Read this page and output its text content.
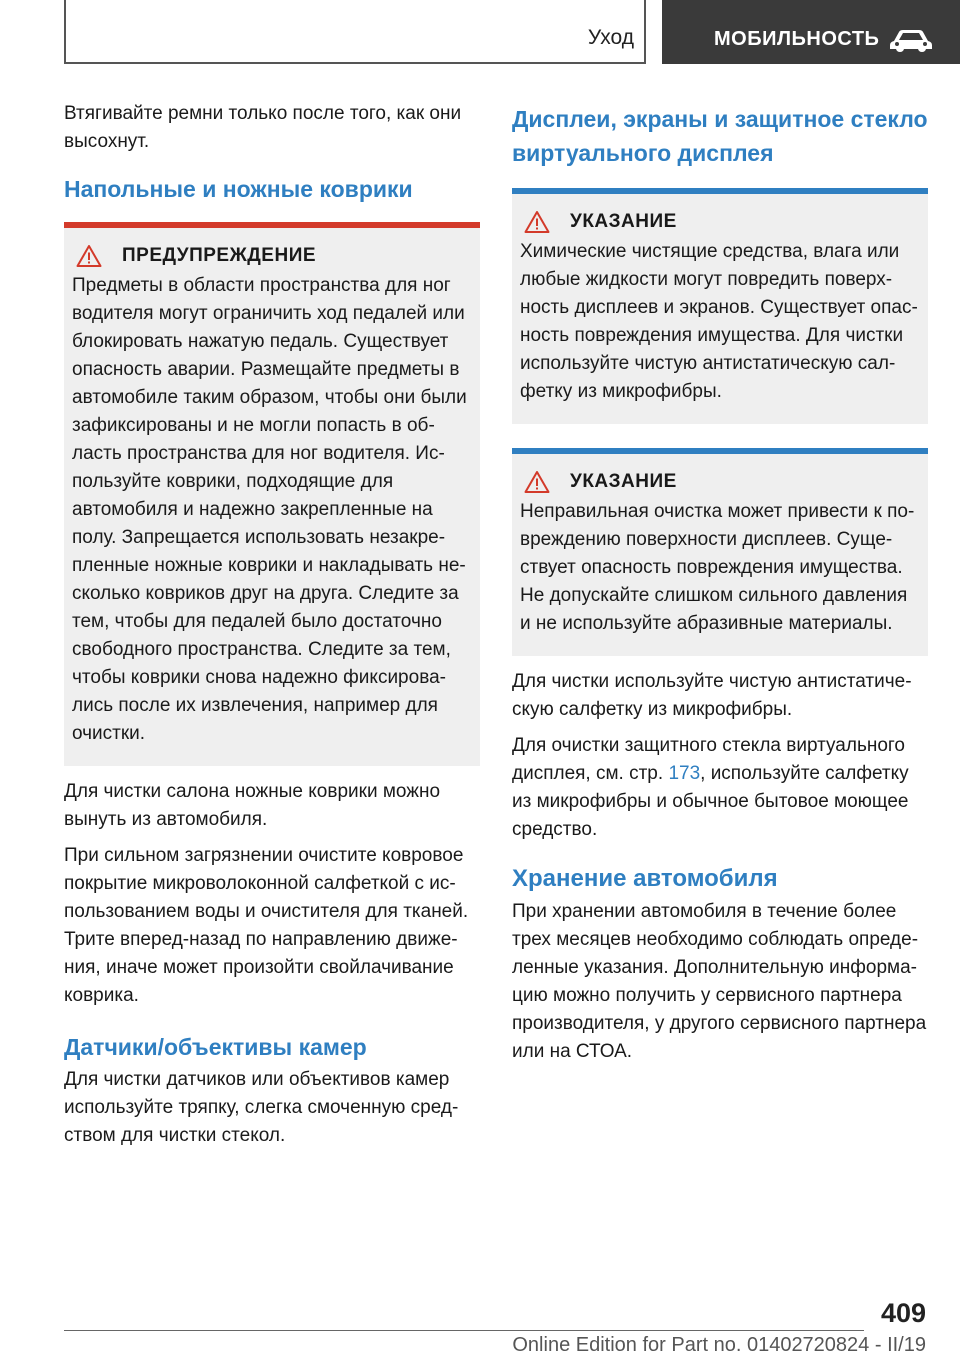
Уход	МОБИЛЬНОСТЬ

Втягивайте ремни только после того, как они высохнут.

Напольные и ножные коврики
ПРЕДУПРЕЖДЕНИЕ

Предметы в области пространства для ног водителя могут ограничить ход педалей или блокировать нажатую педаль. Существует опасность аварии. Размещайте предметы в автомобиле таким образом, чтобы они были зафиксированы и не могли попасть в область пространства для ног водителя. Используйте коврики, подходящие для автомобиля и надежно закрепленные на полу. Запрещается использовать незакрепленные ножные коврики и накладывать несколько ковриков друг на друга. Следите за тем, чтобы для педалей было достаточно свободного пространства. Следите за тем, чтобы коврики снова надежно фиксировались после их извлечения, например для очистки.

Для чистки салона ножные коврики можно вынуть из автомобиля.

При сильном загрязнении очистите ковровое покрытие микроволоконной салфеткой с использованием воды и очистителя для тканей. Трите вперед-назад по направлению движения, иначе может произойти свойлачивание коврика.

Датчики/объективы камер

Для чистки датчиков или объективов камер используйте тряпку, слегка смоченную средством для чистки стекол.

Дисплеи, экраны и защитное стекло виртуального дисплея
УКАЗАНИЕ

Химические чистящие средства, влага или любые жидкости могут повредить поверхность дисплеев и экранов. Существует опасность повреждения имущества. Для чистки используйте чистую антистатическую салфетку из микрофибры.

УКАЗАНИЕ

Неправильная очистка может привести к повреждению поверхности дисплеев. Существует опасность повреждения имущества. Не допускайте слишком сильного давления и не используйте абразивные материалы.

Для чистки используйте чистую антистатическую салфетку из микрофибры.

Для очистки защитного стекла виртуального дисплея, см. стр. 173, используйте салфетку из микрофибры и обычное бытовое моющее средство.

Хранение автомобиля

При хранении автомобиля в течение более трех месяцев необходимо соблюдать определенные указания. Дополнительную информацию можно получить у сервисного партнера производителя, у другого сервисного партнера или на СТОА.

409
Online Edition for Part no. 01402720824 - II/19
